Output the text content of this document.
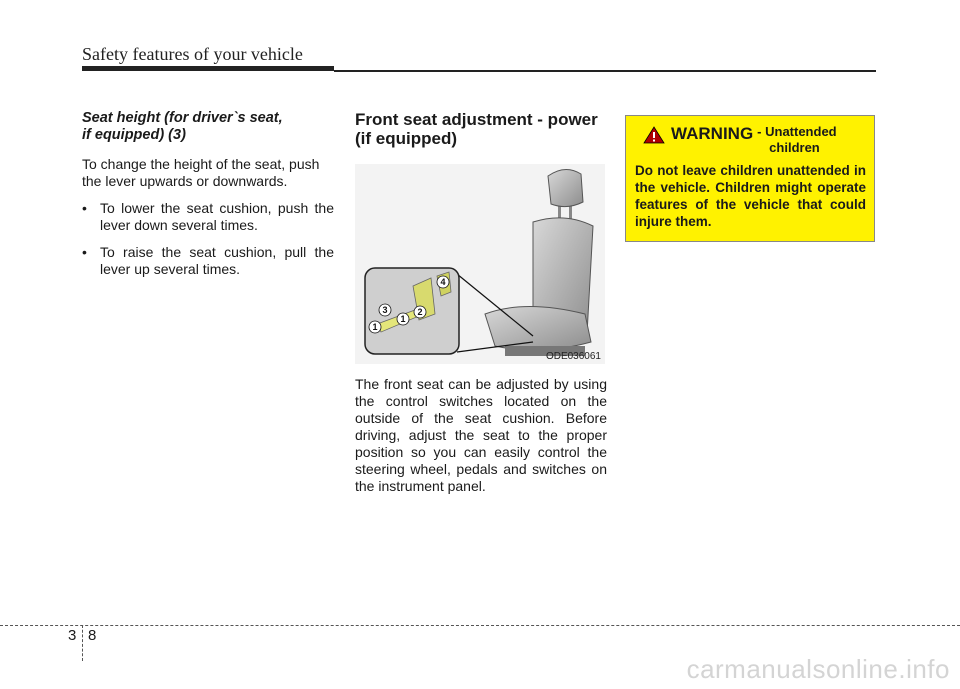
Safety features of your vehicle
Seat height (for driver`s seat,
if equipped) (3)

To change the height of the seat, push the lever upwards or downwards.

• To lower the seat cushion, push the lever down several times.
• To raise the seat cushion, pull the lever up several times.
Front seat adjustment - power
(if equipped)
1
1
2
3
4
ODE036061
The front seat can be adjusted by using the control switches located on the outside of the seat cushion. Before driving, adjust the seat to the proper position so you can easily control the steering wheel, pedals and switches on the instrument panel.
WARNING - Unattended
children
Do not leave children unattended in the vehicle. Children might operate features of the vehicle that could injure them.
3 8
carmanualsonline.info
